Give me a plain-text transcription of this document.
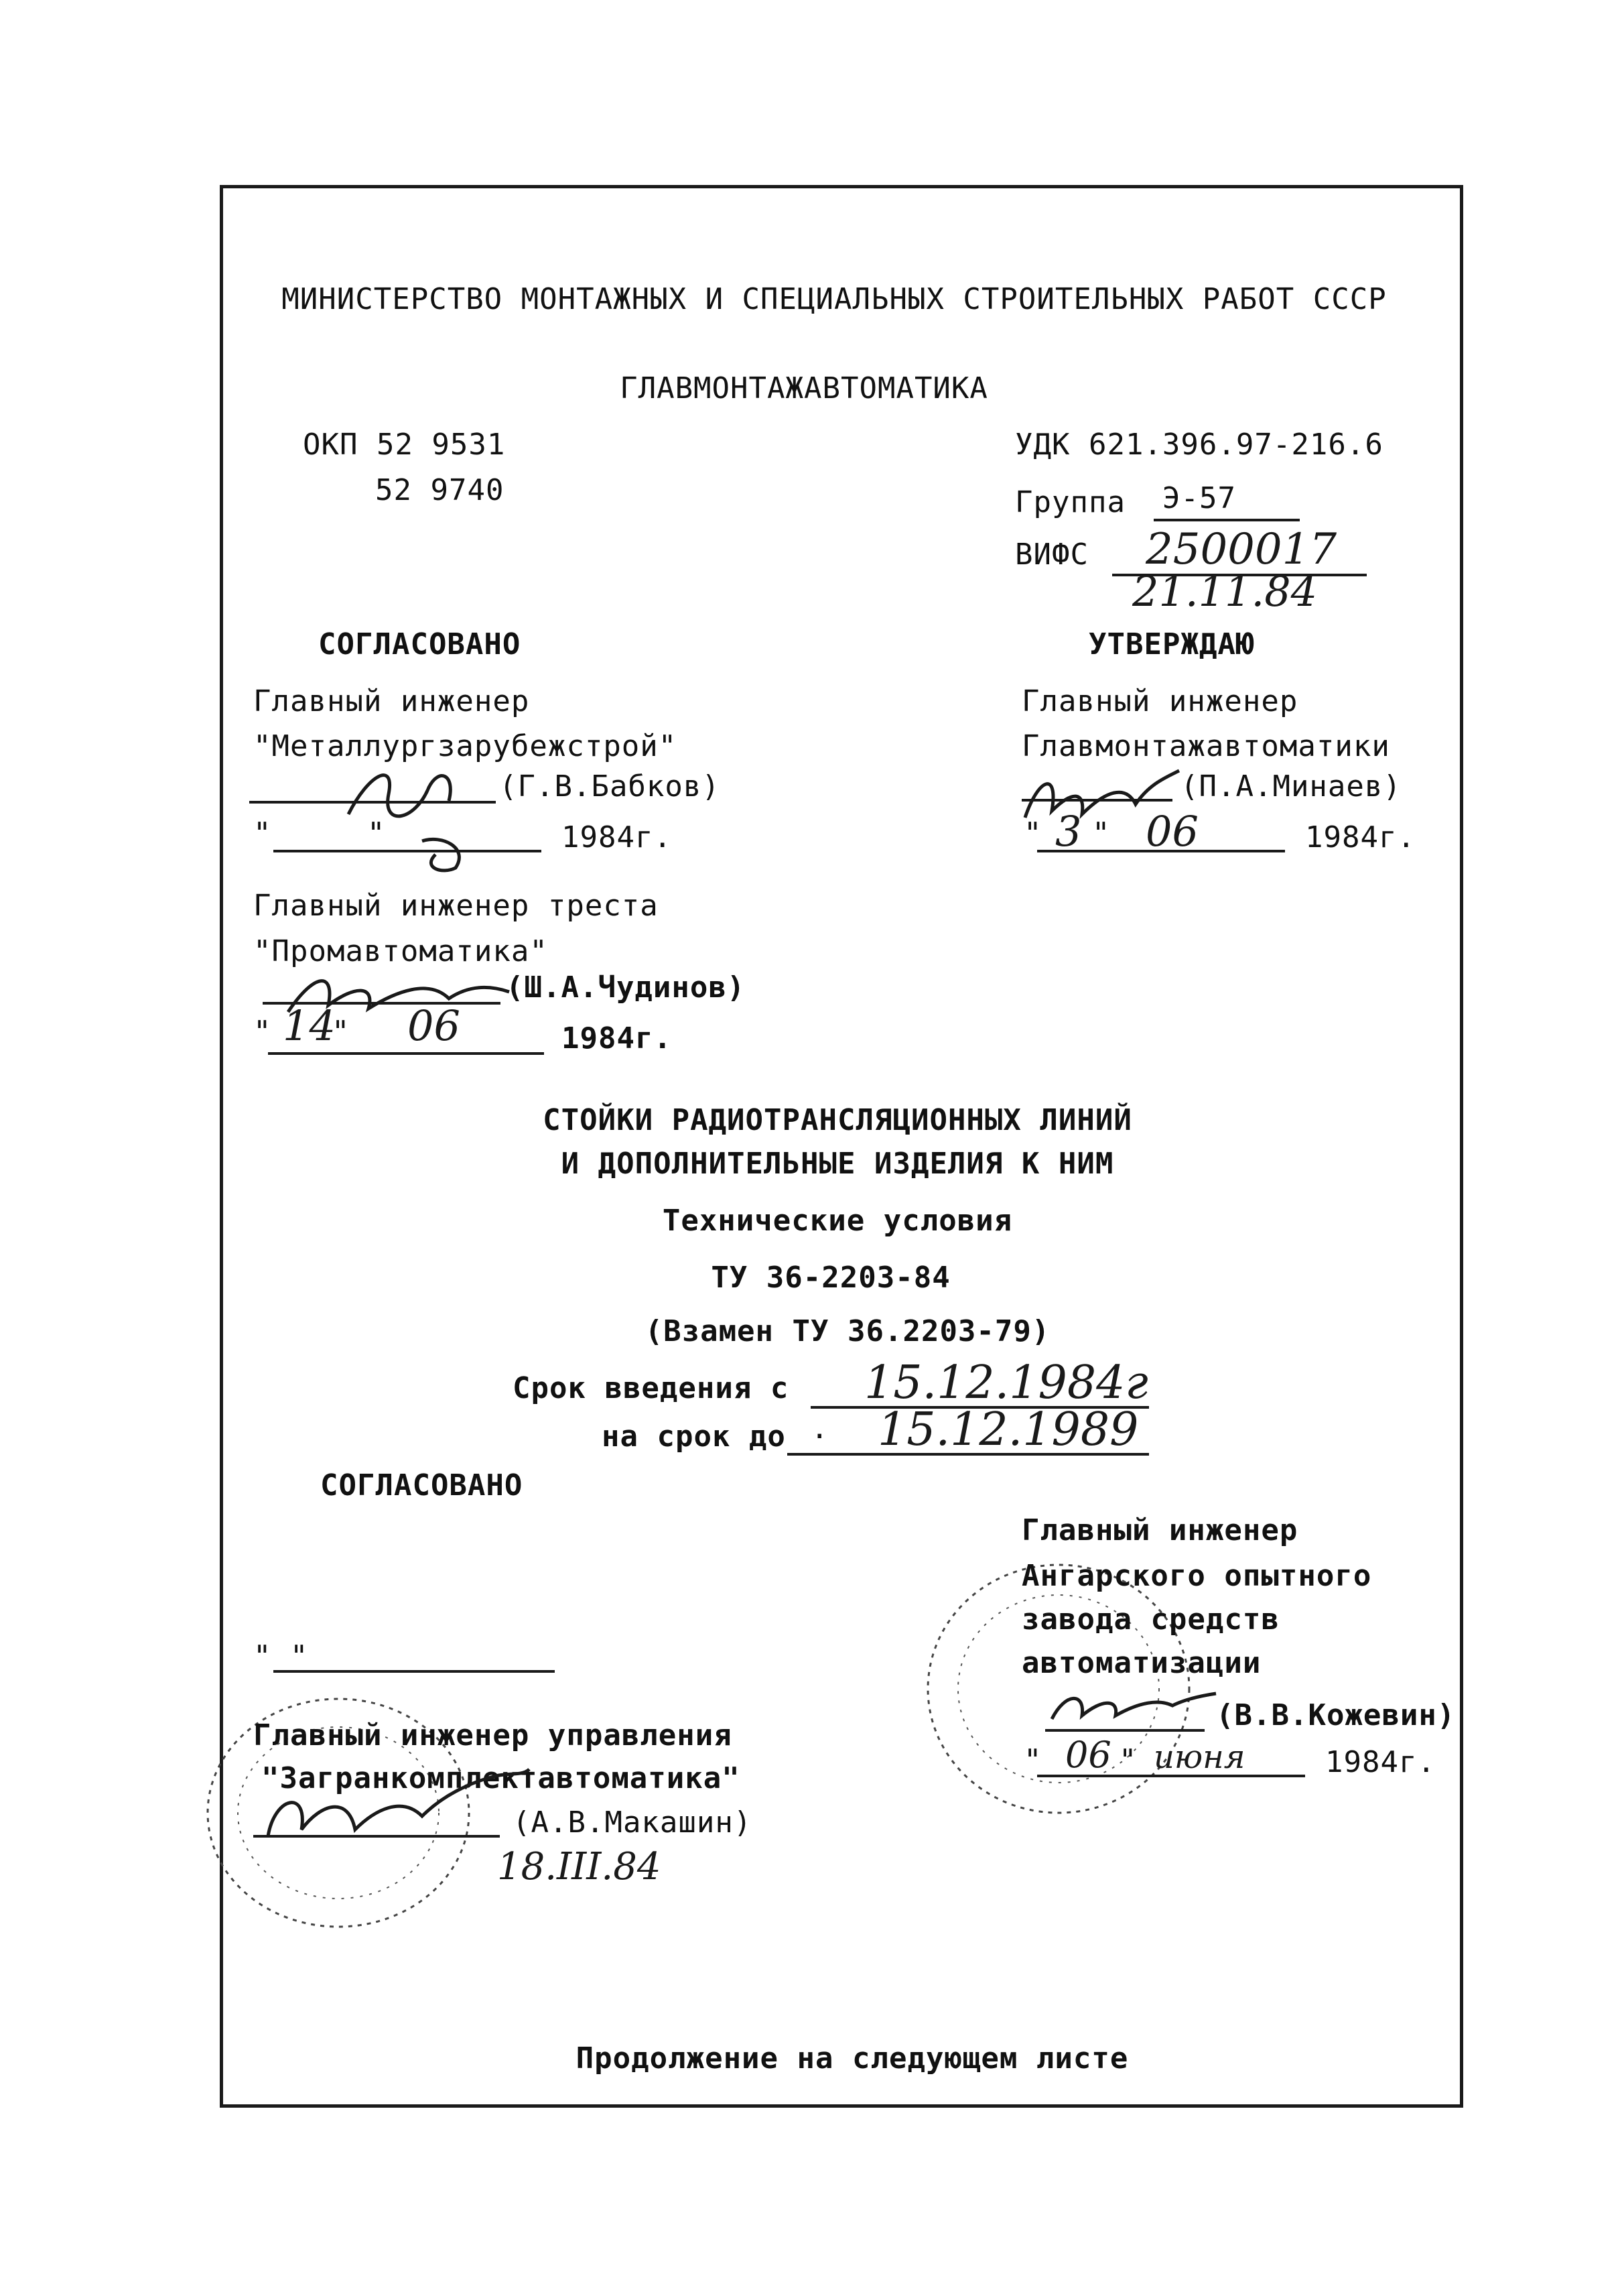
МИНИСТЕРСТВО МОНТАЖНЫХ И СПЕЦИАЛЬНЫХ СТРОИТЕЛЬНЫХ РАБОТ СССР
ГЛАВМОНТАЖАВТОМАТИКА
ОКП 52 9531
52 9740
УДК 621.396.97-216.6
Группа Э-57
ВИФС 2500017
21.11.84
СОГЛАСОВАНО
Главный инженер
"Металлургзарубежстрой"
(Г.В.Бабков)
"	"	1984г.
Главный инженер треста
"Промавтоматика"
(Ш.А.Чудинов)
" 14
" 06	1984г.
УТВЕРЖДАЮ
Главный инженер
Главмонтажавтоматики
(П.А.Минаев)
" 3 " 06	1984г.
СТОЙКИ РАДИОТРАНСЛЯЦИОННЫХ ЛИНИЙ
И ДОПОЛНИТЕЛЬНЫЕ ИЗДЕЛИЯ К НИМ
Технические условия
ТУ 36-2203-84
(Взамен ТУ 36.2203-79)
Срок введения с 15.12.1984г
на срок до . 15.12.1989
СОГЛАСОВАНО
" "
Главный инженер управления
"Загранкомплектавтоматика"
(А.В.Макашин)
18.III.84
Главный инженер
Ангарского опытного
завода средств
автоматизации
(В.В.Кожевин)
" 06 " июня	1984г.
Продолжение на следующем листе
